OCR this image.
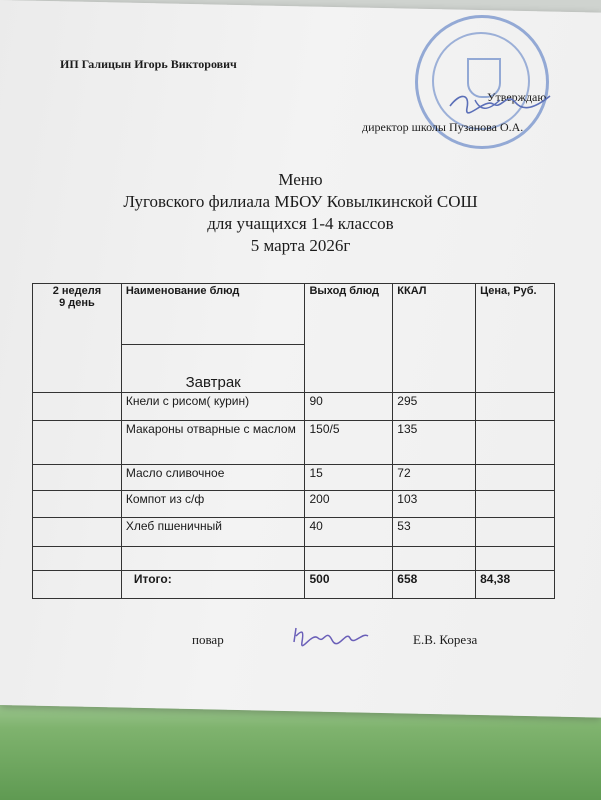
ИП Галицын Игорь Викторович
Утверждаю
директор школы Пузанова О.А.
Меню
Луговского филиала МБОУ Ковылкинской СОШ
для учащихся 1-4 классов
5 марта 2026г
2 неделя
9 день	Наименование блюд	Выход блюд	ККАЛ	Цена, Руб.
	Завтрак			
	Кнели с рисом( курин)	90	295	
	Макароны отварные с маслом	150/5	135	
	Масло сливочное	15	72	
	Компот из с/ф	200	103	
	Хлеб пшеничный	40	53	

	Итого:	500	658	84,38
повар	Е.В. Кореза
